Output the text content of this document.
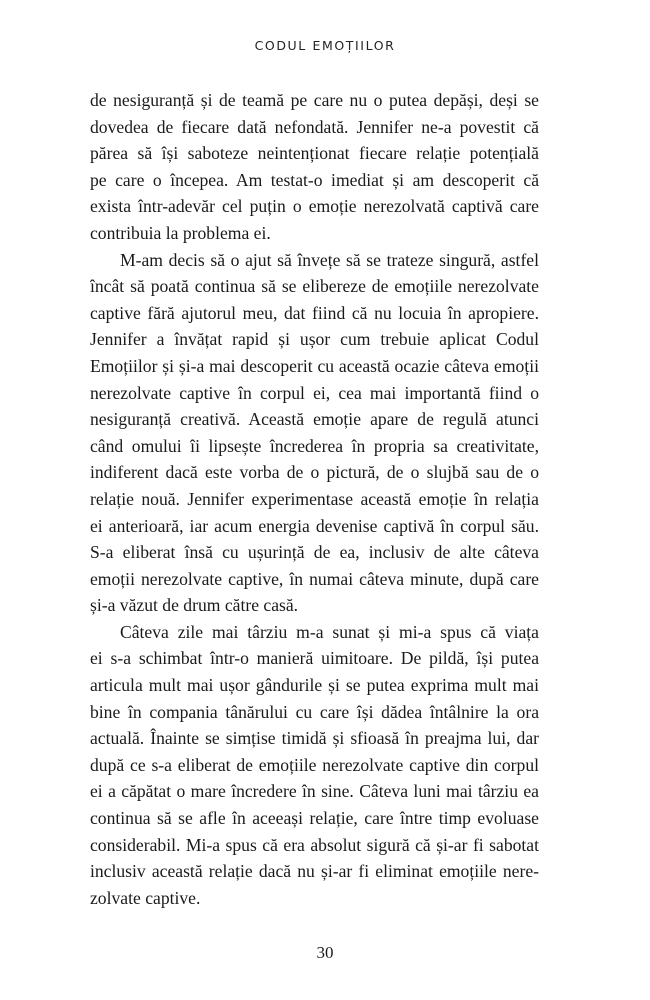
CODUL EMOȚIILOR
de nesiguranță și de teamă pe care nu o putea depăși, deși se
dovedea de fiecare dată nefondată. Jennifer ne-a povestit că
părea să își saboteze neintenționat fiecare relație potențială
pe care o începea. Am testat-o imediat și am descoperit că
exista într-adevăr cel puțin o emoție nerezolvată captivă care
contribuia la problema ei.
M-am decis să o ajut să învețe să se trateze singură, astfel
încât să poată continua să se elibereze de emoțiile nerezolvate
captive fără ajutorul meu, dat fiind că nu locuia în apropiere.
Jennifer a învățat rapid și ușor cum trebuie aplicat Codul
Emoțiilor și și-a mai descoperit cu această ocazie câteva emoții
nerezolvate captive în corpul ei, cea mai importantă fiind o
nesiguranță creativă. Această emoție apare de regulă atunci
când omului îi lipsește încrederea în propria sa creativitate,
indiferent dacă este vorba de o pictură, de o slujbă sau de o
relație nouă. Jennifer experimentase această emoție în relația
ei anterioară, iar acum energia devenise captivă în corpul său.
S-a eliberat însă cu ușurință de ea, inclusiv de alte câteva
emoții nerezolvate captive, în numai câteva minute, după care
și-a văzut de drum către casă.
Câteva zile mai târziu m-a sunat și mi-a spus că viața
ei s-a schimbat într-o manieră uimitoare. De pildă, își putea
articula mult mai ușor gândurile și se putea exprima mult mai
bine în compania tânărului cu care își dădea întâlnire la ora
actuală. Înainte se simțise timidă și sfioasă în preajma lui, dar
după ce s-a eliberat de emoțiile nerezolvate captive din corpul
ei a căpătat o mare încredere în sine. Câteva luni mai târziu ea
continua să se afle în aceeași relație, care între timp evoluase
considerabil. Mi-a spus că era absolut sigură că și-ar fi sabotat
inclusiv această relație dacă nu și-ar fi eliminat emoțiile nere-
zolvate captive.
30
